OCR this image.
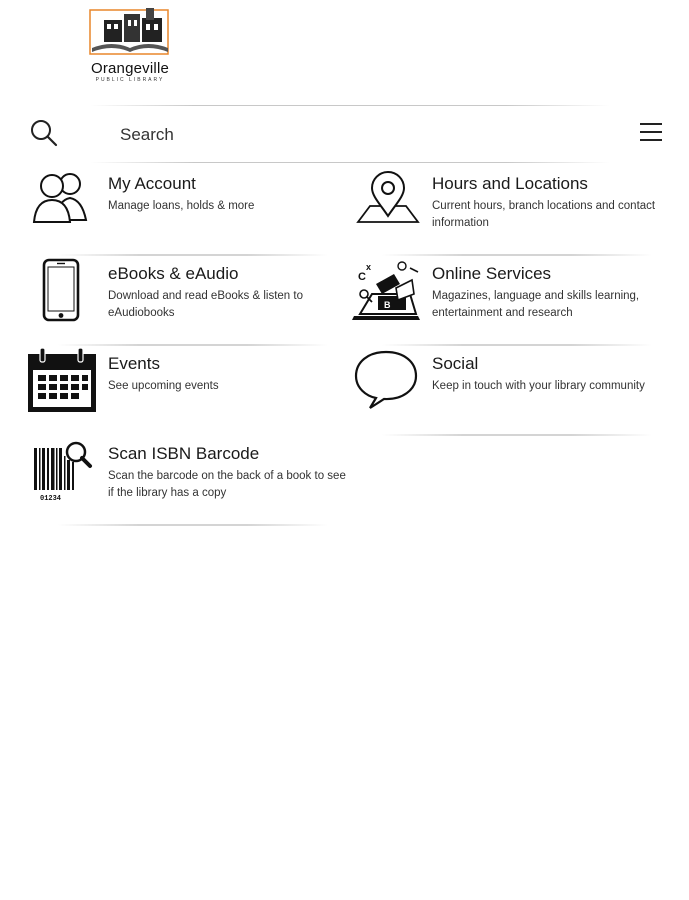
Orangeville
PUBLIC LIBRARY
Search
My Account
Manage loans, holds & more
Hours and Locations
Current hours, branch locations and contact information
eBooks & eAudio
Download and read eBooks & listen to eAudiobooks
C
x
B
Online Services
Magazines, language and skills learning, entertainment and research
Events
See upcoming events
Social
Keep in touch with your library community
01234
Scan ISBN Barcode
Scan the barcode on the back of a book to see if the library has a copy
